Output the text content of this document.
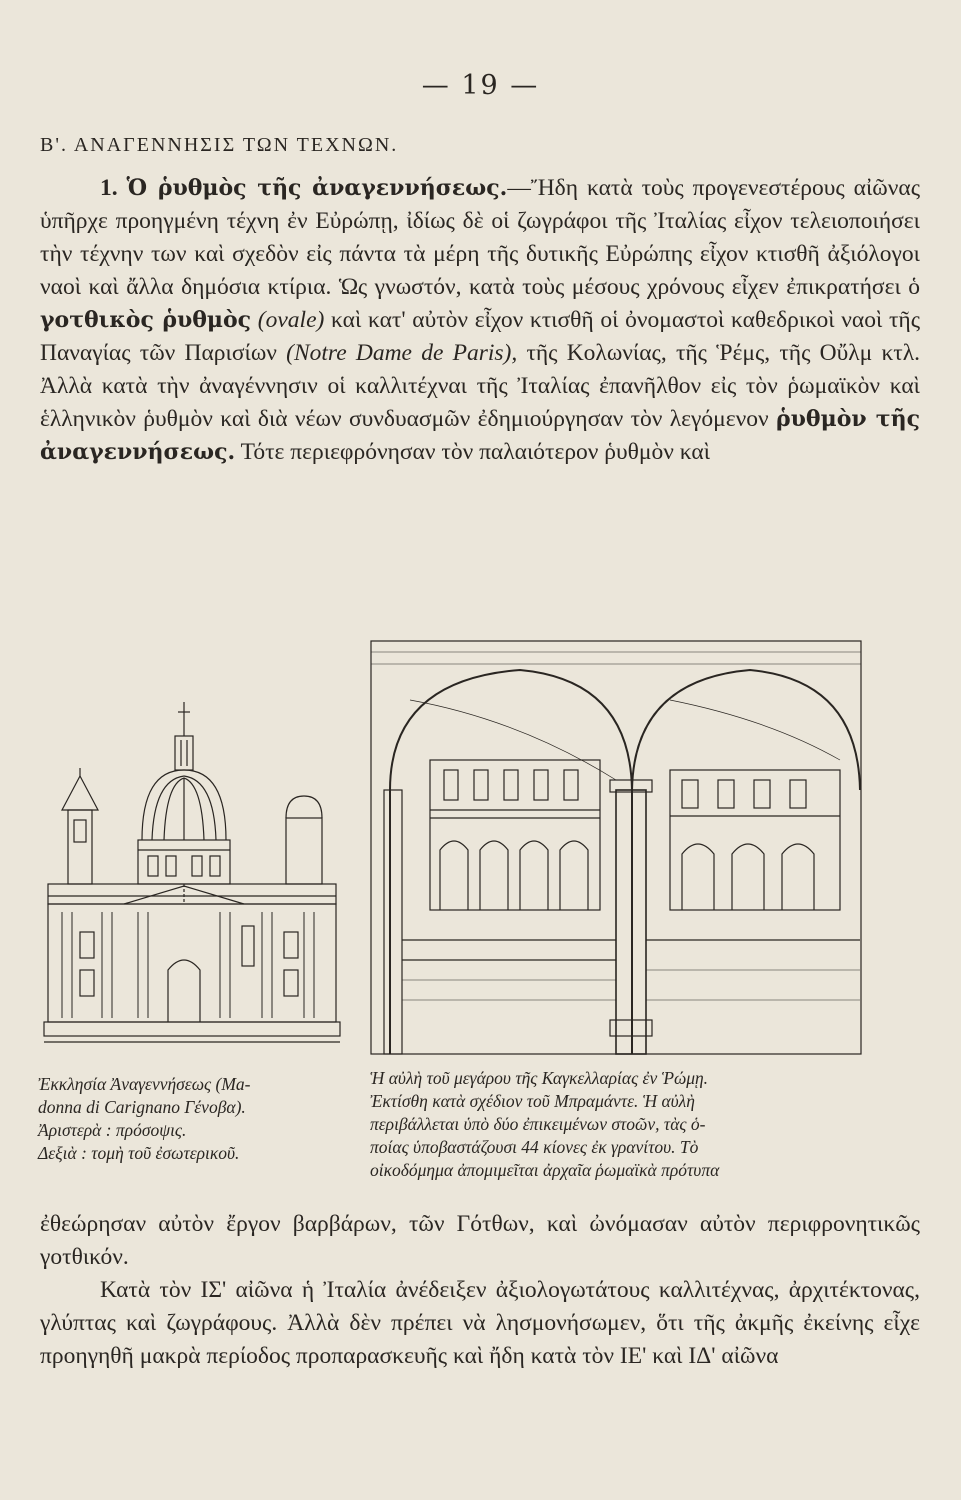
— 19 —
Β'. ΑΝΑΓΕΝΝΗΣΙΣ ΤΩΝ ΤΕΧΝΩΝ.

1. Ὁ ῥυθμὸς τῆς ἀναγεννήσεως.—Ἤδη κατὰ τοὺς προγενεστέρους αἰῶνας ὑπῆρχε προηγμένη τέχνη ἐν Εὐρώπῃ, ἰδίως δὲ οἱ ζωγράφοι τῆς Ἰταλίας εἶχον τελειοποιήσει τὴν τέχνην των καὶ σχεδὸν εἰς πάντα τὰ μέρη τῆς δυτικῆς Εὐρώπης εἶχον κτισθῆ ἀξιόλογοι ναοὶ καὶ ἄλλα δημόσια κτίρια. Ὡς γνωστόν, κατὰ τοὺς μέσους χρόνους εἶχεν ἐπικρατήσει ὁ γοτθικὸς ῥυθμὸς (ovale) καὶ κατ' αὐτὸν εἶχον κτισθῆ οἱ ὀνομαστοὶ καθεδρικοὶ ναοὶ τῆς Παναγίας τῶν Παρισίων (Notre Dame de Paris), τῆς Κολωνίας, τῆς Ῥέμς, τῆς Οὔλμ κτλ. Ἀλλὰ κατὰ τὴν ἀναγέννησιν οἱ καλλιτέχναι τῆς Ἰταλίας ἐπανῆλθον εἰς τὸν ῥωμαϊκὸν καὶ ἑλληνικὸν ῥυθμὸν καὶ διὰ νέων συνδυασμῶν ἐδημιούργησαν τὸν λεγόμενον ῥυθμὸν τῆς ἀναγεννήσεως. Τότε περιεφρόνησαν τὸν παλαιότερον ῥυθμὸν καὶ

Ἐκκλησία Ἀναγεννήσεως (Ma-
donna di Carignano Γένοβα).
Ἀριστερὰ : πρόσοψις.
Δεξιὰ : τομὴ τοῦ ἐσωτερικοῦ.
Ἡ αὐλὴ τοῦ μεγάρου τῆς Καγκελλαρίας ἐν Ῥώμῃ.
Ἐκτίσθη κατὰ σχέδιον τοῦ Μπραμάντε. Ἡ αὐλὴ
περιβάλλεται ὑπὸ δύο ἐπικειμένων στοῶν, τὰς ὁ-
ποίας ὑποβαστάζουσι 44 κίονες ἐκ γρανίτου. Τὸ
οἰκοδόμημα ἀπομιμεῖται ἀρχαῖα ῥωμαϊκὰ πρότυπα
ἐθεώρησαν αὐτὸν ἔργον βαρβάρων, τῶν Γότθων, καὶ ὠνόμασαν αὐτὸν περιφρονητικῶς γοτθικόν.
Κατὰ τὸν ΙΣ' αἰῶνα ἡ Ἰταλία ἀνέδειξεν ἀξιολογωτάτους καλλιτέχνας, ἀρχιτέκτονας, γλύπτας καὶ ζωγράφους. Ἀλλὰ δὲν πρέπει νὰ λησμονήσωμεν, ὅτι τῆς ἀκμῆς ἐκείνης εἶχε προηγηθῆ μακρὰ περίοδος προπαρασκευῆς καὶ ἤδη κατὰ τὸν ΙΕ' καὶ ΙΔ' αἰῶνα
